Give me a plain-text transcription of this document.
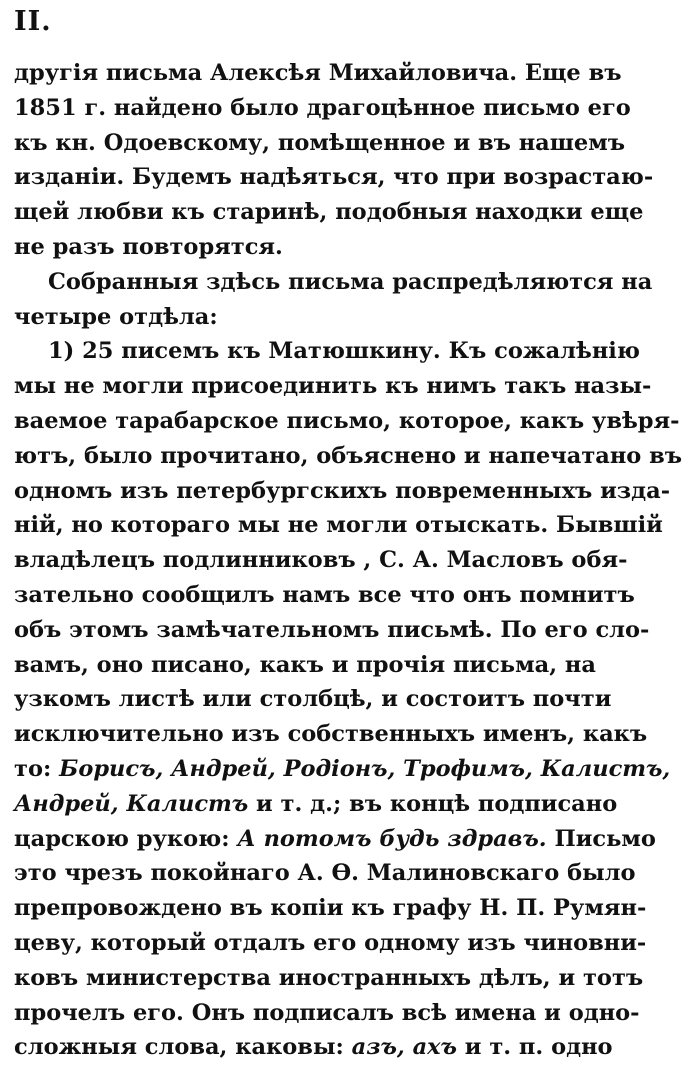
II.
другія письма Алексѣя Михайловича. Еще въ
1851 г. найдено было драгоцѣнное письмо его
къ кн. Одоевскому, помѣщенное и въ нашемъ
изданіи. Будемъ надѣяться, что при возрастаю-
щей любви къ старинѣ, подобныя находки еще
не разъ повторятся.
Собранныя здѣсь письма распредѣляются на
четыре отдѣла:
1) 25 писемъ къ Матюшкину. Къ сожалѣнію
мы не могли присоединить къ нимъ такъ назы-
ваемое тарабарское письмо, которое, какъ увѣря-
ютъ, было прочитано, объяснено и напечатано въ
одномъ изъ петербургскихъ повременныхъ изда-
ній, но котораго мы не могли отыскать. Бывшій
владѣлецъ подлинниковъ , С. А. Масловъ обя-
зательно сообщилъ намъ все что онъ помнитъ
объ этомъ замѣчательномъ письмѣ. По его сло-
вамъ, оно писано, какъ и прочія письма, на
узкомъ листѣ или столбцѣ, и состоитъ почти
исключительно изъ собственныхъ именъ, какъ
то: Борисъ, Андрей, Родіонъ, Трофимъ, Калистъ,
Андрей, Калистъ и т. д.; въ концѣ подписано
царскою рукою: А потомъ будь здравъ. Письмо
это чрезъ покойнаго А. Ѳ. Малиновскаго было
препровождено въ копіи къ графу Н. П. Румян-
цеву, который отдалъ его одному изъ чиновни-
ковъ министерства иностранныхъ дѣлъ, и тотъ
прочелъ его. Онъ подписалъ всѣ имена и одно-
сложныя слова, каковы: азъ, ахъ и т. п. одно
